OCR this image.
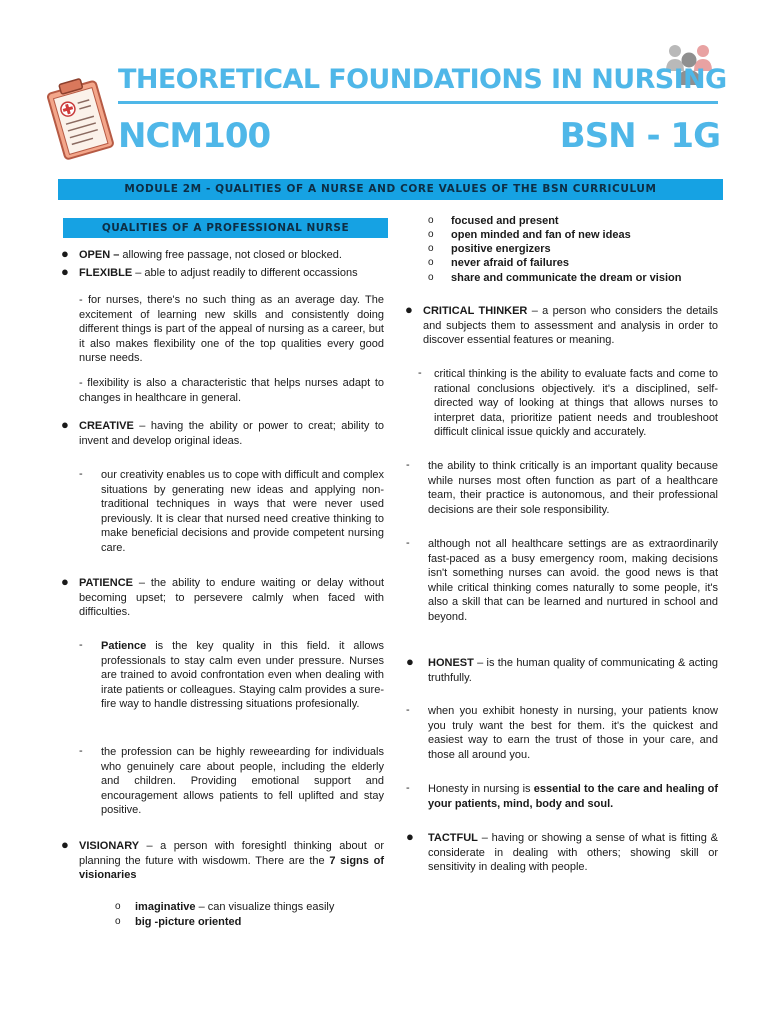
THEORETICAL FOUNDATIONS IN NURSING
NCM100	BSN - 1G
MODULE 2M - QUALITIES OF A NURSE AND CORE VALUES OF THE BSN CURRICULUM
QUALITIES OF A PROFESSIONAL NURSE
● OPEN – allowing free passage, not closed or blocked.
● FLEXIBLE – able to adjust readily to different occassions
- for nurses, there's no such thing as an average day. The excitement of learning new skills and consistently doing different things is part of the appeal of nursing as a career, but it also makes flexibility one of the top qualities every good nurse needs.
- flexibility is also a characteristic that helps nurses adapt to changes in healthcare in general.
● CREATIVE – having the ability or power to creat; ability to invent and develop original ideas.
- our creativity enables us to cope with difficult and complex situations by generating new ideas and applying non-traditional techniques in ways that were never used previously. It is clear that nursed need creative thinking to make beneficial decisions and provide competent nursing care.
● PATIENCE – the ability to endure waiting or delay without becoming upset; to persevere calmly when faced with difficulties.
- Patience is the key quality in this field. it allows professionals to stay calm even under pressure. Nurses are trained to avoid confrontation even when dealing with irate patients or colleagues. Staying calm provides a sure-fire way to handle distressing situations profesionally.
- the profession can be highly reweearding for individuals who genuinely care about people, including the elderly and children. Providing emotional support and encouragement allows patients to fell uplifted and stay positive.
● VISIONARY – a person with foresightl thinking about or planning the future with wisdowm. There are the 7 signs of visionaries
o imaginative – can visualize things easily
o big -picture oriented
o focused and present
o open minded and fan of new ideas
o positive energizers
o never afraid of failures
o share and communicate the dream or vision
● CRITICAL THINKER – a person who considers the details and subjects them to assessment and analysis in order to discover essential features or meaning.
- critical thinking is the ability to evaluate facts and come to rational conclusions objectively. it's a disciplined, self-directed way of looking at things that allows nurses to interpret data, prioritize patient needs and troubleshoot difficult clinical issue quickly and accurately.
- the ability to think critically is an important quality because while nurses most often function as part of a healthcare team, their practice is autonomous, and their professional decisions are their sole responsibility.
- although not all healthcare settings are as extraordinarily fast-paced as a busy emergency room, making decisions isn't something nurses can avoid. the good news is that while critical thinking comes naturally to some people, it's also a skill that can be learned and nurtured in school and beyond.
● HONEST – is the human quality of communicating & acting truthfully.
- when you exhibit honesty in nursing, your patients know you truly want the best for them. it's the quickest and easiest way to earn the trust of those in your care, and those all around you.
- Honesty in nursing is essential to the care and healing of your patients, mind, body and soul.
● TACTFUL – having or showing a sense of what is fitting & considerate in dealing with others; showing skill or sensitivity in dealing with people.
